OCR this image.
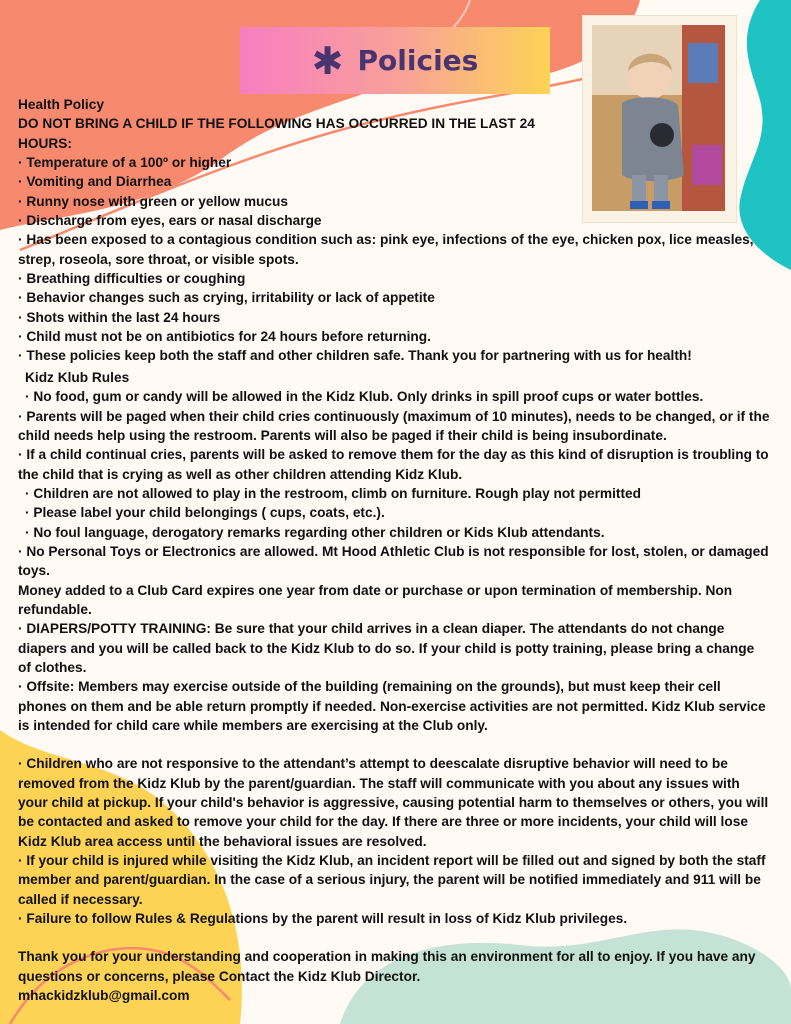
✱ Policies

Health Policy

DO NOT BRING A CHILD IF THE FOLLOWING HAS OCCURRED IN THE LAST 24 HOURS:

· Temperature of a 100º or higher

· Vomiting and Diarrhea

· Runny nose with green or yellow mucus

· Discharge from eyes, ears or nasal discharge

· Has been exposed to a contagious condition such as: pink eye, infections of the eye, chicken pox, lice measles, strep, roseola, sore throat, or visible spots.

· Breathing difficulties or coughing

· Behavior changes such as crying, irritability or lack of appetite

· Shots within the last 24 hours

· Child must not be on antibiotics for 24 hours before returning.

· These policies keep both the staff and other children safe. Thank you for partnering with us for health!

Kidz Klub Rules

· No food, gum or candy will be allowed in the Kidz Klub. Only drinks in spill proof cups or water bottles.

· Parents will be paged when their child cries continuously (maximum of 10 minutes), needs to be changed, or if the child needs help using the restroom. Parents will also be paged if their child is being insubordinate.

· If a child continual cries, parents will be asked to remove them for the day as this kind of disruption is troubling to the child that is crying as well as other children attending Kidz Klub.

· Children are not allowed to play in the restroom, climb on furniture. Rough play not permitted

· Please label your child belongings ( cups, coats, etc.).

· No foul language, derogatory remarks regarding other children or Kids Klub attendants.

· No Personal Toys or Electronics are allowed. Mt Hood Athletic Club is not responsible for lost, stolen, or damaged toys.

Money added to a Club Card expires one year from date or purchase or upon termination of membership. Non refundable.

· DIAPERS/POTTY TRAINING: Be sure that your child arrives in a clean diaper. The attendants do not change diapers and you will be called back to the Kidz Klub to do so. If your child is potty training, please bring a change of clothes.

· Offsite: Members may exercise outside of the building (remaining on the grounds), but must keep their cell phones on them and be able return promptly if needed. Non-exercise activities are not permitted. Kidz Klub service is intended for child care while members are exercising at the Club only.

· Children who are not responsive to the attendant’s attempt to deescalate disruptive behavior will need to be removed from the Kidz Klub by the parent/guardian. The staff will communicate with you about any issues with your child at pickup. If your child's behavior is aggressive, causing potential harm to themselves or others, you will be contacted and asked to remove your child for the day. If there are three or more incidents, your child will lose Kidz Klub area access until the behavioral issues are resolved.

· If your child is injured while visiting the Kidz Klub, an incident report will be filled out and signed by both the staff member and parent/guardian. In the case of a serious injury, the parent will be notified immediately and 911 will be called if necessary.

· Failure to follow Rules & Regulations by the parent will result in loss of Kidz Klub privileges.

Thank you for your understanding and cooperation in making this an environment for all to enjoy. If you have any questions or concerns, please Contact the Kidz Klub Director.

mhackidzklub@gmail.com
